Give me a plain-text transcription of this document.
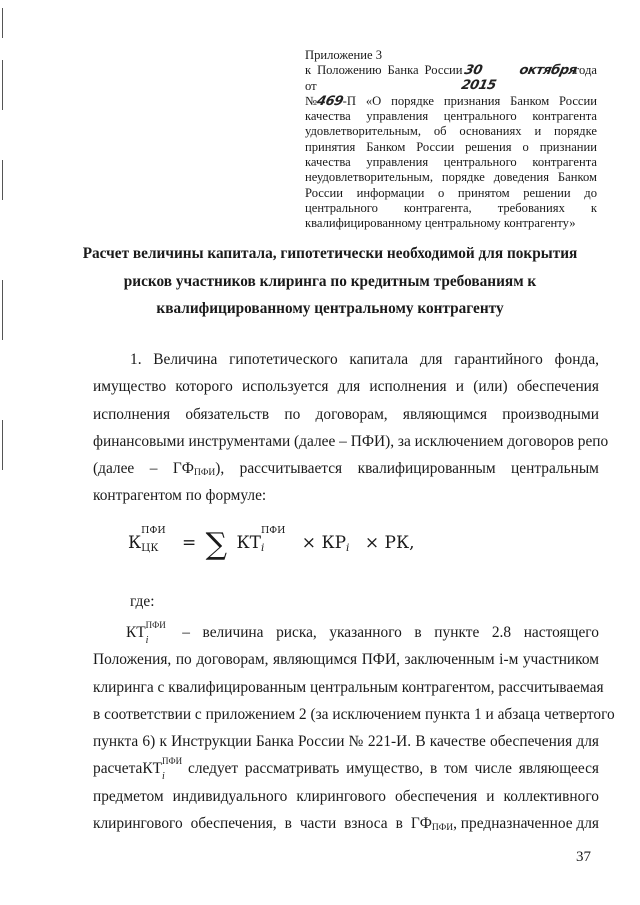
Приложение 3
к Положению Банка России от
30 октября 2015
года
№
469
-П «О порядке признания Банком России
качества управления центрального контрагента
удовлетворительным, об основаниях и порядке
принятия Банком России решения о признании
качества управления центрального контрагента
неудовлетворительным, порядке доведения Банком
России информации о принятом решении до
центрального контрагента, требованиях к
квалифицированному центральному контрагенту»
Расчет величины капитала, гипотетически необходимой для покрытия
рисков участников клиринга по кредитным требованиям к
квалифицированному центральному контрагенту
1. Величина гипотетического капитала для гарантийного фонда,
имущество которого используется для исполнения и (или) обеспечения
исполнения обязательств по договорам, являющимся производными
финансовыми инструментами (далее – ПФИ), за исключением договоров репо
(далее – $ГФ_{ПФИ}$), рассчитывается квалифицированным центральным
контрагентом по формуле:
К
ПФИ
ЦК = ∑ КТ
ПФИ
i × КР i × РК,
где:
КТ ПФИ
i – величина риска, указанного в пункте 2.8 настоящего
Положения, по договорам, являющимся ПФИ, заключенным i-м участником
клиринга с квалифицированным центральным контрагентом, рассчитываемая
в соответствии с приложением 2 (за исключением пункта 1 и абзаца четвертого
пункта 6) к Инструкции Банка России № 221-И. В качестве обеспечения для
расчета КТ ПФИ
i следует рассматривать имущество, в том числе являющееся
предметом индивидуального клирингового обеспечения и коллективного
клирингового обеспечения, в части взноса в $ГФ_{ПФИ}$ , предназначенное для
37
